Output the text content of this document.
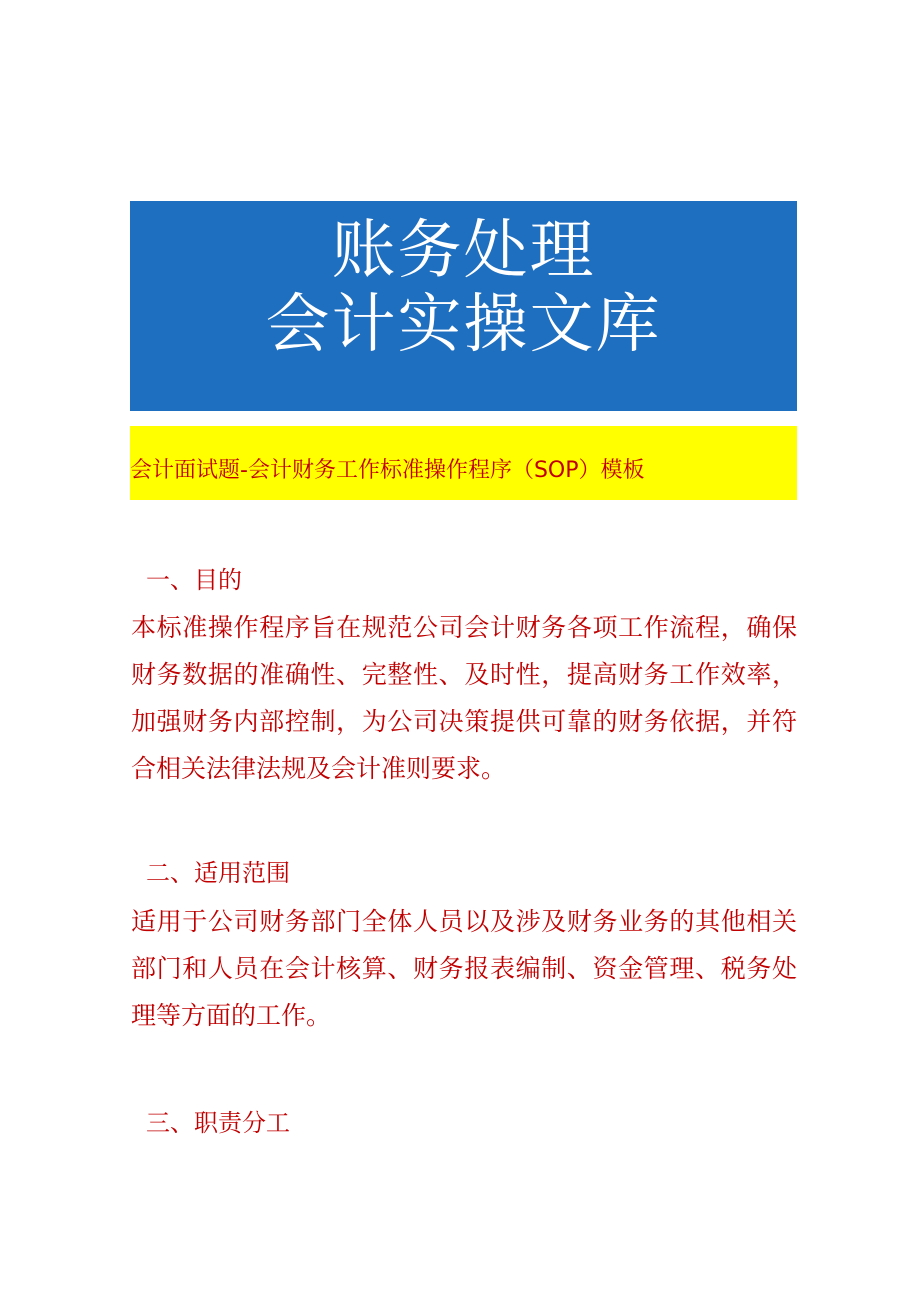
账务处理
会计实操文库
会计面试题-会计财务工作标准操作程序（SOP）模板
一、目的
本标准操作程序旨在规范公司会计财务各项工作流程，确保财务数据的准确性、完整性、及时性，提高财务工作效率，加强财务内部控制，为公司决策提供可靠的财务依据，并符合相关法律法规及会计准则要求。
二、适用范围
适用于公司财务部门全体人员以及涉及财务业务的其他相关部门和人员在会计核算、财务报表编制、资金管理、税务处理等方面的工作。
三、职责分工
